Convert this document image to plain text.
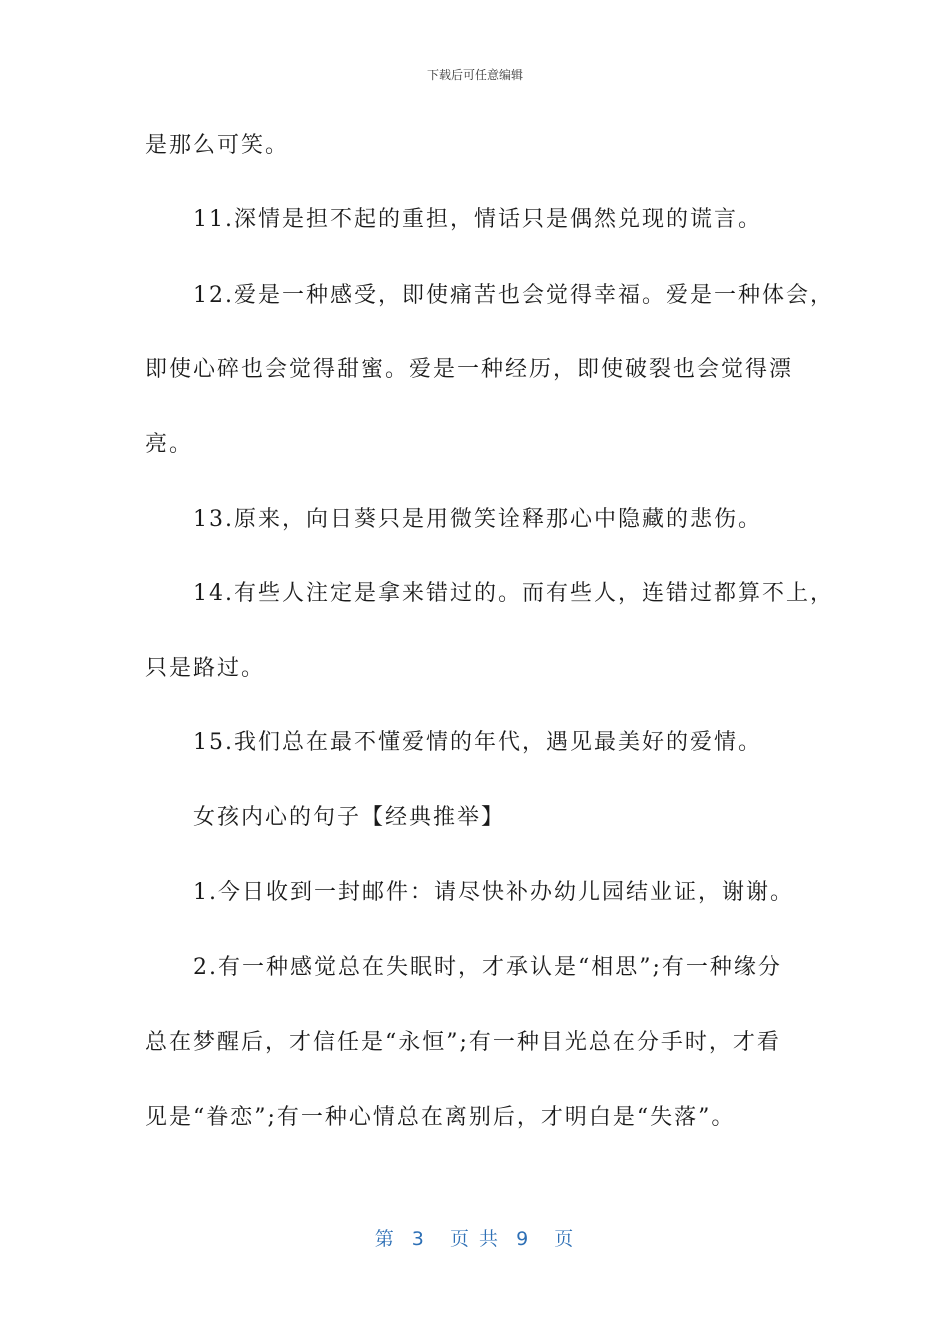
下载后可任意编辑
是那么可笑。
11.深情是担不起的重担，情话只是偶然兑现的谎言。
12.爱是一种感受，即使痛苦也会觉得幸福。爱是一种体会，
即使心碎也会觉得甜蜜。爱是一种经历，即使破裂也会觉得漂
亮。
13.原来，向日葵只是用微笑诠释那心中隐藏的悲伤。
14.有些人注定是拿来错过的。而有些人，连错过都算不上，
只是路过。
15.我们总在最不懂爱情的年代，遇见最美好的爱情。
女孩内心的句子【经典推举】
1.今日收到一封邮件：请尽快补办幼儿园结业证，谢谢。
2.有一种感觉总在失眠时，才承认是“相思”;有一种缘分
总在梦醒后，才信任是“永恒”;有一种目光总在分手时，才看
见是“眷恋”;有一种心情总在离别后，才明白是“失落”。
第  3   页 共  9   页
